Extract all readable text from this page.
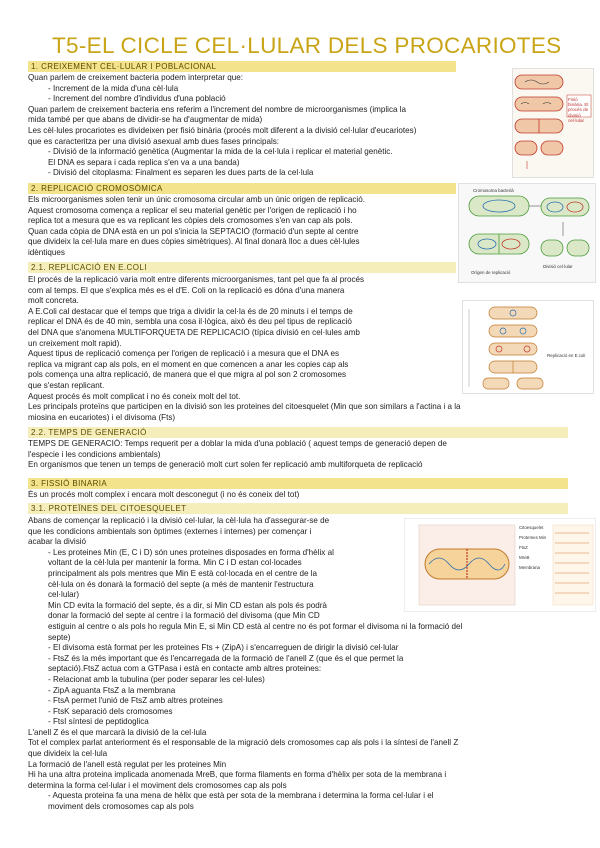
T5-EL CICLE CEL·LULAR DELS PROCARIOTES
1. CREIXEMENT CEL·LULAR I POBLACIONAL

Quan parlem de creixement bacteria podem interpretar que:

- Increment de la mida d'una cèl·lula

- Increment del nombre d'individus d'una població

Quan parlem de creixement bacteria ens referim a l'increment del nombre de microorganismes (implica la

mida també per que abans de dividir-se ha d'augmentar de mida)

Les cèl·lules procariotes es divideixen per fisió binària (procés molt diferent a la divisió cel·lular d'eucariotes)

que es caracteritza per una divisió asexual amb dues fases principals:

- Divisió de la informació genètica (Augmentar la mida de la cel·lula i replicar el material genètic.

El DNA es separa i cada replica s'en va a una banda)

- Divisió del citoplasma: Finalment es separen les dues parts de la cel·lula

Fisió binària. El procés de divisió cel·lular
2. REPLICACIÓ CROMOSÒMICA

Els microorganismes solen tenir un únic cromosoma circular amb un únic origen de replicació.

Aquest cromosoma comença a replicar el seu material genètic per l'origen de replicació i ho

replica tot a mesura que es va replicant les còpies dels cromosomes s'en van cap als pols.

Quan cada còpia de DNA està en un pol s'inicia la SEPTACIÓ (formació d'un septe al centre

que divideix la cel·lula mare en dues còpies simètriques). Al final donarà lloc a dues cèl·lules

idèntiques

Cromosoma bacterià
Orígen de replicació
Divisió cel·lular
2.1. REPLICACIÓ EN E.COLI

El procés de la replicació varia molt entre diferents microorganismes, tant pel que fa al procés

com al temps. El que s'explica més es el d'E. Coli on la replicació es dóna d'una manera

molt concreta.

A E.Coli cal destacar que el temps que triga a dividir la cel·la és de 20 minuts i el temps de

replicar el DNA és de 40 min, sembla una cosa il·lògica, això és deu pel tipus de replicació

del DNA que s'anomena MULTIFORQUETA DE REPLICACIÓ (típica divisió en cel·lules amb

un creixement molt rapid).

Aquest tipus de replicació comença per l'origen de replicació i a mesura que el DNA es

replica va migrant cap als pols, en el moment en que comencen a anar les copies cap als

pols comença una altra replicació, de manera que el que migra al pol son 2 cromosomes

que s'estan replicant.

Aquest procés és molt complicat i no és coneix molt del tot.

Les principals proteïns que participen en la divisió son les proteines del citoesquelet (Min que son similars a l'actina i a la

miosina en eucariotes) i el divisoma (Fts)

Replicació en E.coli
2.2. TEMPS DE GENERACIÓ

TEMPS DE GENERACIÓ: Temps requerit per a doblar la mida d'una població ( aquest temps de generació depen de

l'especie i les condicions ambientals)

En organismos que tenen un temps de generació molt curt solen fer replicació amb multiforqueta de replicació

3. FISSIÓ BINARIA

És un procés molt complex i encara molt desconegut (i no és coneix del tot)

3.1. PROTEÏNES DEL CITOESQUELET

Abans de començar la replicació i la divisió cel·lular, la cèl·lula ha d'assegurar-se de

que les condicions ambientals son òptimes (externes i internes) per començar i

acabar la divisió

- Les proteines Min (E, C i D) són unes proteines disposades en forma d'hèlix al

voltant de la cèl·lula per mantenir la forma. Min C i D estan col·locades

principalment als pols mentres que Min E està col·locada en el centre de la

cèl·lula on és donarà la formació del septe (a més de mantenir l'estructura

cel·lular)

Min CD evita la formació del septe, és a dir, si Min CD estan als pols és podrà

donar la formació del septe al centre i la formació del divisoma (que Min CD

estiguin al centre o als pols ho regula Min E, si Min CD està al centre no és pot formar el divisoma ni la formació del

septe)

- El divisoma està format per les proteines Fts + (ZipA) i s'encarreguen de dirigir la divisió cel·lular

- FtsZ és la més important que és l'encarregada de la formació de l'anell Z (que és el que permet la

septació).FtsZ actua com a GTPasa i està en contacte amb altres proteines:

- Relacionat amb la tubulina (per poder separar les cel·lules)

- ZipA aguanta FtsZ a la membrana

- FtsA permet l'unió de FtsZ amb altres proteines

- FtsK separació dels cromosomes

- FtsI síntesi de peptidoglica

L'anell Z és el que marcarà la divisió de la cel·lula

Tot el complex parlat anteriorment és el responsable de la migració dels cromosomes cap als pols i la síntesi de l'anell Z

que divideix la cel·lula

La formació de l'anell està regulat per les proteines Min

Hi ha una altra proteina implicada anomenada MreB, que forma filaments en forma d'hèlix per sota de la membrana i

determina la forma cel·lular i el moviment dels cromosomes cap als pols

- Aquesta proteina fa una mena de hèlix que està per sota de la membrana i determina la forma cel·lular i el

moviment dels cromosomes cap als pols

Citoesquelet
Proteïnes Min
FtsZ
MreB
Membrana
